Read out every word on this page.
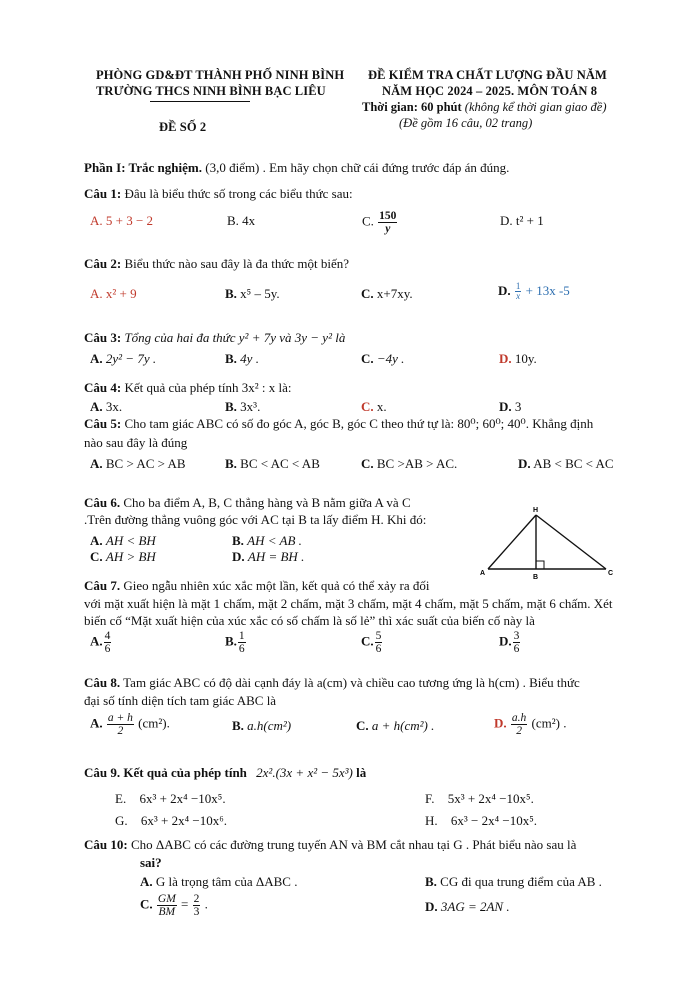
PHÒNG GD&ĐT THÀNH PHỐ NINH BÌNH
TRƯỜNG THCS NINH BÌNH BẠC LIÊU
ĐỀ SỐ 2
ĐỀ KIỂM TRA CHẤT LƯỢNG ĐẦU NĂM
NĂM HỌC 2024 – 2025. MÔN TOÁN 8
Thời gian: 60 phút (không kể thời gian giao đề)
(Đề gồm 16 câu, 02 trang)
Phần I: Trắc nghiệm. (3,0 điểm) . Em hãy chọn chữ cái đứng trước đáp án đúng.
Câu 1: Đâu là biểu thức số trong các biểu thức sau:
A. 5 + 3 − 2	B. 4x	C. $\frac{150}{y}$	D. t² + 1
Câu 2: Biểu thức nào sau đây là đa thức một biến?
A. x² + 9	B. x⁵ – 5y.	C. x+7xy.	D. $\frac{1}{x} + 13x$ -5
Câu 3: Tổng của hai đa thức y² + 7y và 3y − y² là
A. 2y² − 7y .	B. 4y .	C. −4y .	D. 10y.
Câu 4: Kết quả của phép tính 3x² : x là:
A. 3x.	B. 3x³.	C. x.	D. 3
Câu 5: Cho tam giác ABC có số đo góc A, góc B, góc C theo thứ tự là: 80⁰; 60⁰; 40⁰. Khẳng định
nào sau đây là đúng
A. BC > AC > AB	B. BC < AC < AB	C. BC >AB > AC.	D. AB < BC < AC
Câu 6. Cho ba điểm A, B, C thẳng hàng và B nằm giữa A và C
.Trên đường thẳng vuông góc với AC tại B ta lấy điểm H. Khi đó:
A. AH < BH	B. AH < AB .
C. AH > BH	D. AH = BH .
H
A
B
C
Câu 7. Gieo ngẫu nhiên xúc xắc một lần, kết quả có thể xảy ra đối
với mặt xuất hiện là mặt 1 chấm, mặt 2 chấm, mặt 3 chấm, mặt 4 chấm, mặt 5 chấm, mặt 6 chấm. Xét
biến cố “Mặt xuất hiện của xúc xắc có số chấm là số lẻ” thì xác suất của biến cố này là
A. $\frac{4}{6}$	B. $\frac{1}{6}$	C. $\frac{5}{6}$	D. $\frac{3}{6}$
Câu 8. Tam giác ABC có độ dài cạnh đáy là a(cm) và chiều cao tương ứng là h(cm) . Biểu thức
đại số tính diện tích tam giác ABC là
A. $\frac{a + h}{2} (cm^2)$.	B. a.h(cm²)	C. a + h(cm²) .	D. $\frac{a.h}{2} (cm^2)$ .
Câu 9. Kết quả của phép tính 2x².(3x + x² − 5x³) là
E. 6x³ + 2x⁴ −10x⁵.	F. 5x³ + 2x⁴ −10x⁵.
G. 6x³ + 2x⁴ −10x⁶.	H. 6x³ − 2x⁴ −10x⁵.
Câu 10: Cho ΔABC có các đường trung tuyến AN và BM cắt nhau tại G . Phát biểu nào sau là
sai?
A. G là trọng tâm của ΔABC .	B. CG đi qua trung điểm của AB .
C. $\frac{GM}{BM} = \frac{2}{3}$ .	D. 3AG = 2AN .
